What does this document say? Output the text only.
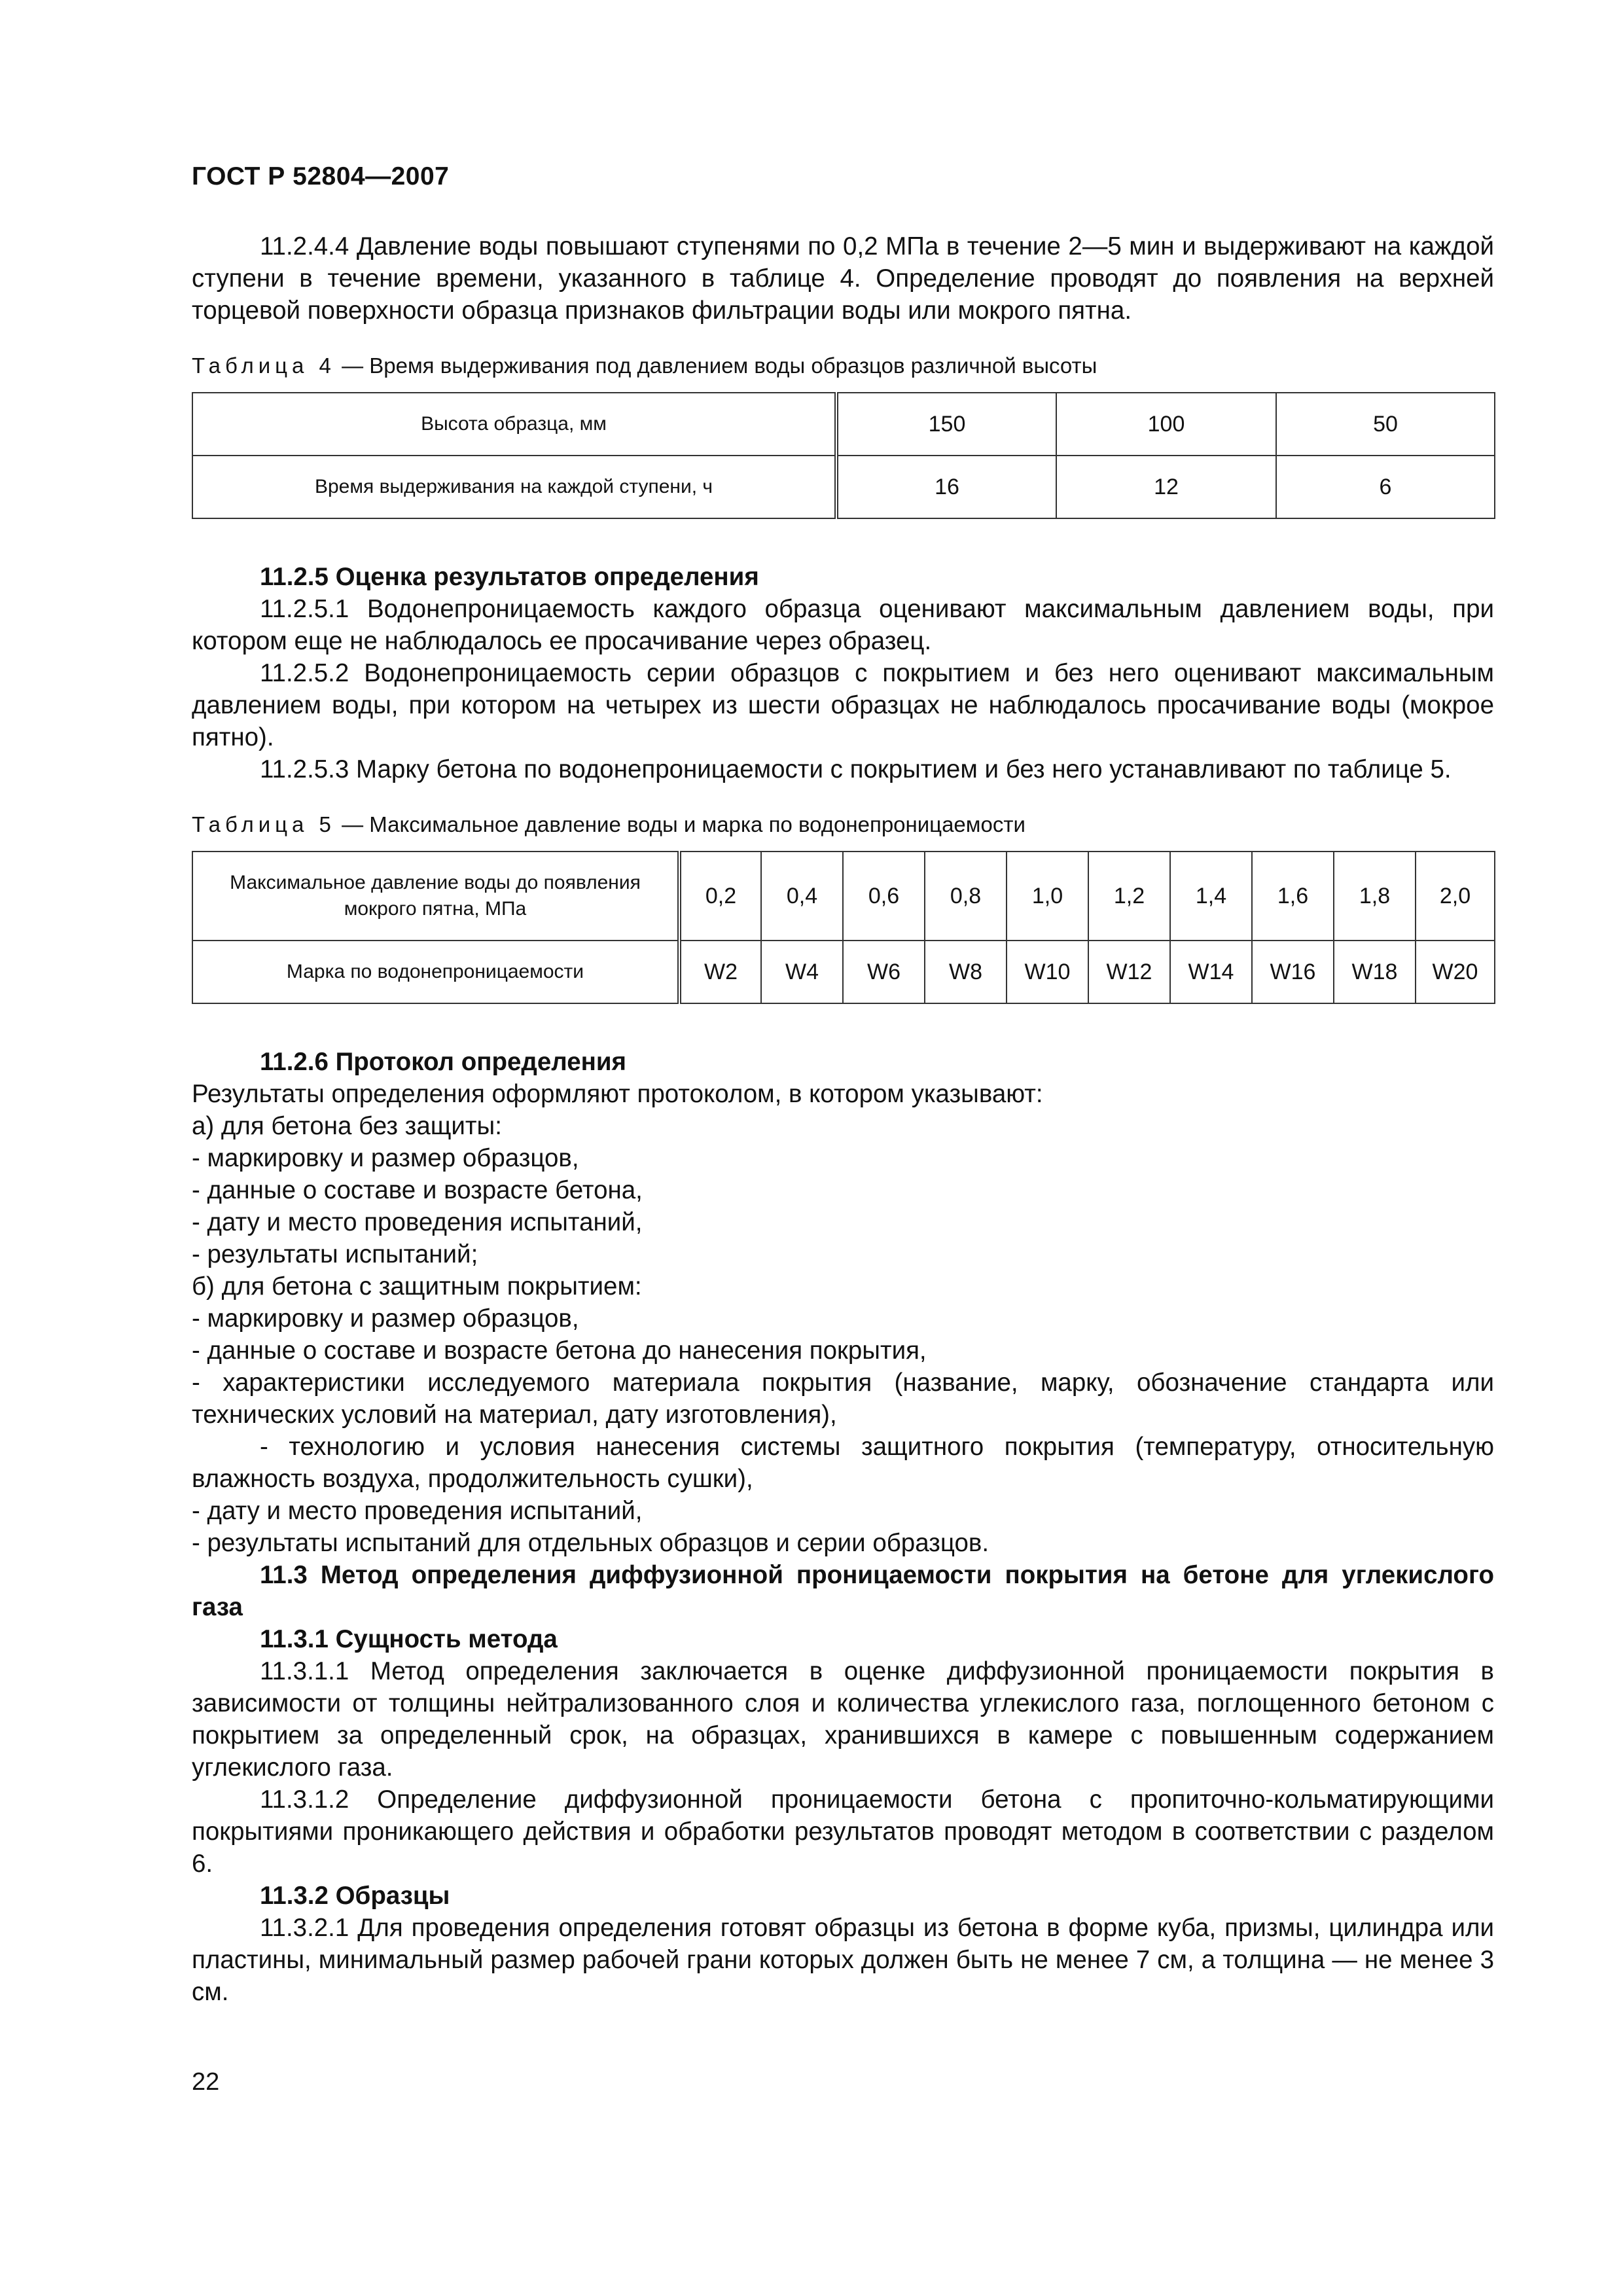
ГОСТ Р 52804—2007

11.2.4.4 Давление воды повышают ступенями по 0,2 МПа в течение 2—5 мин и выдерживают на каждой ступени в течение времени, указанного в таблице 4. Определение проводят до появления на верхней торцевой поверхности образца признаков фильтрации воды или мокрого пятна.

Таблица 4 — Время выдерживания под давлением воды образцов различной высоты
Высота образца, мм	150	100	50
Время выдерживания на каждой ступени, ч	16	12	6

11.2.5 Оценка результатов определения

11.2.5.1 Водонепроницаемость каждого образца оценивают максимальным давлением воды, при котором еще не наблюдалось ее просачивание через образец.

11.2.5.2 Водонепроницаемость серии образцов с покрытием и без него оценивают максимальным давлением воды, при котором на четырех из шести образцах не наблюдалось просачивание воды (мокрое пятно).

11.2.5.3 Марку бетона по водонепроницаемости с покрытием и без него устанавливают по таблице 5.

Таблица 5 — Максимальное давление воды и марка по водонепроницаемости
Максимальное давление воды до появления мокрого пятна, МПа	0,2	0,4	0,6	0,8	1,0	1,2	1,4	1,6	1,8	2,0
Марка по водонепроницаемости	W2	W4	W6	W8	W10	W12	W14	W16	W18	W20

11.2.6 Протокол определения

Результаты определения оформляют протоколом, в котором указывают:

а) для бетона без защиты:

- маркировку и размер образцов,

- данные о составе и возрасте бетона,

- дату и место проведения испытаний,

- результаты испытаний;

б) для бетона с защитным покрытием:

- маркировку и размер образцов,

- данные о составе и возрасте бетона до нанесения покрытия,

- характеристики исследуемого материала покрытия (название, марку, обозначение стандарта или технических условий на материал, дату изготовления),

- технологию и условия нанесения системы защитного покрытия (температуру, относительную влажность воздуха, продолжительность сушки),

- дату и место проведения испытаний,

- результаты испытаний для отдельных образцов и серии образцов.

11.3 Метод определения диффузионной проницаемости покрытия на бетоне для углекислого газа

11.3.1 Сущность метода

11.3.1.1 Метод определения заключается в оценке диффузионной проницаемости покрытия в зависимости от толщины нейтрализованного слоя и количества углекислого газа, поглощенного бетоном с покрытием за определенный срок, на образцах, хранившихся в камере с повышенным содержанием углекислого газа.

11.3.1.2 Определение диффузионной проницаемости бетона с пропиточно-кольматирующими покрытиями проникающего действия и обработки результатов проводят методом в соответствии с разделом 6.

11.3.2 Образцы

11.3.2.1 Для проведения определения готовят образцы из бетона в форме куба, призмы, цилиндра или пластины, минимальный размер рабочей грани которых должен быть не менее 7 см, а толщина — не менее 3 см.

22
